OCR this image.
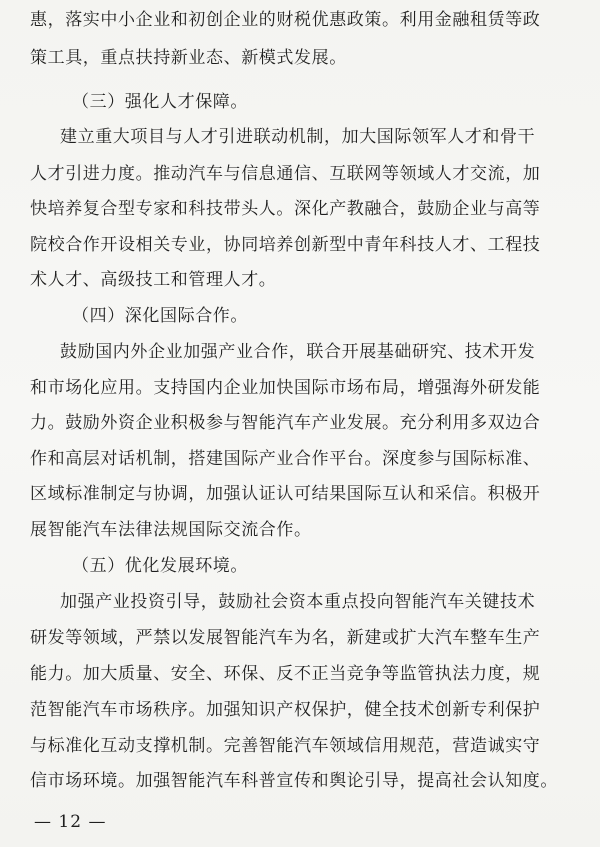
惠，落实中小企业和初创企业的财税优惠政策。利用金融租赁等政
策工具，重点扶持新业态、新模式发展。
（三）强化人才保障。
建立重大项目与人才引进联动机制，加大国际领军人才和骨干
人才引进力度。推动汽车与信息通信、互联网等领域人才交流，加
快培养复合型专家和科技带头人。深化产教融合，鼓励企业与高等
院校合作开设相关专业，协同培养创新型中青年科技人才、工程技
术人才、高级技工和管理人才。
（四）深化国际合作。
鼓励国内外企业加强产业合作，联合开展基础研究、技术开发
和市场化应用。支持国内企业加快国际市场布局，增强海外研发能
力。鼓励外资企业积极参与智能汽车产业发展。充分利用多双边合
作和高层对话机制，搭建国际产业合作平台。深度参与国际标准、
区域标准制定与协调，加强认证认可结果国际互认和采信。积极开
展智能汽车法律法规国际交流合作。
（五）优化发展环境。
加强产业投资引导，鼓励社会资本重点投向智能汽车关键技术
研发等领域，严禁以发展智能汽车为名，新建或扩大汽车整车生产
能力。加大质量、安全、环保、反不正当竞争等监管执法力度，规
范智能汽车市场秩序。加强知识产权保护，健全技术创新专利保护
与标准化互动支撑机制。完善智能汽车领域信用规范，营造诚实守
信市场环境。加强智能汽车科普宣传和舆论引导，提高社会认知度。
— 12 —
